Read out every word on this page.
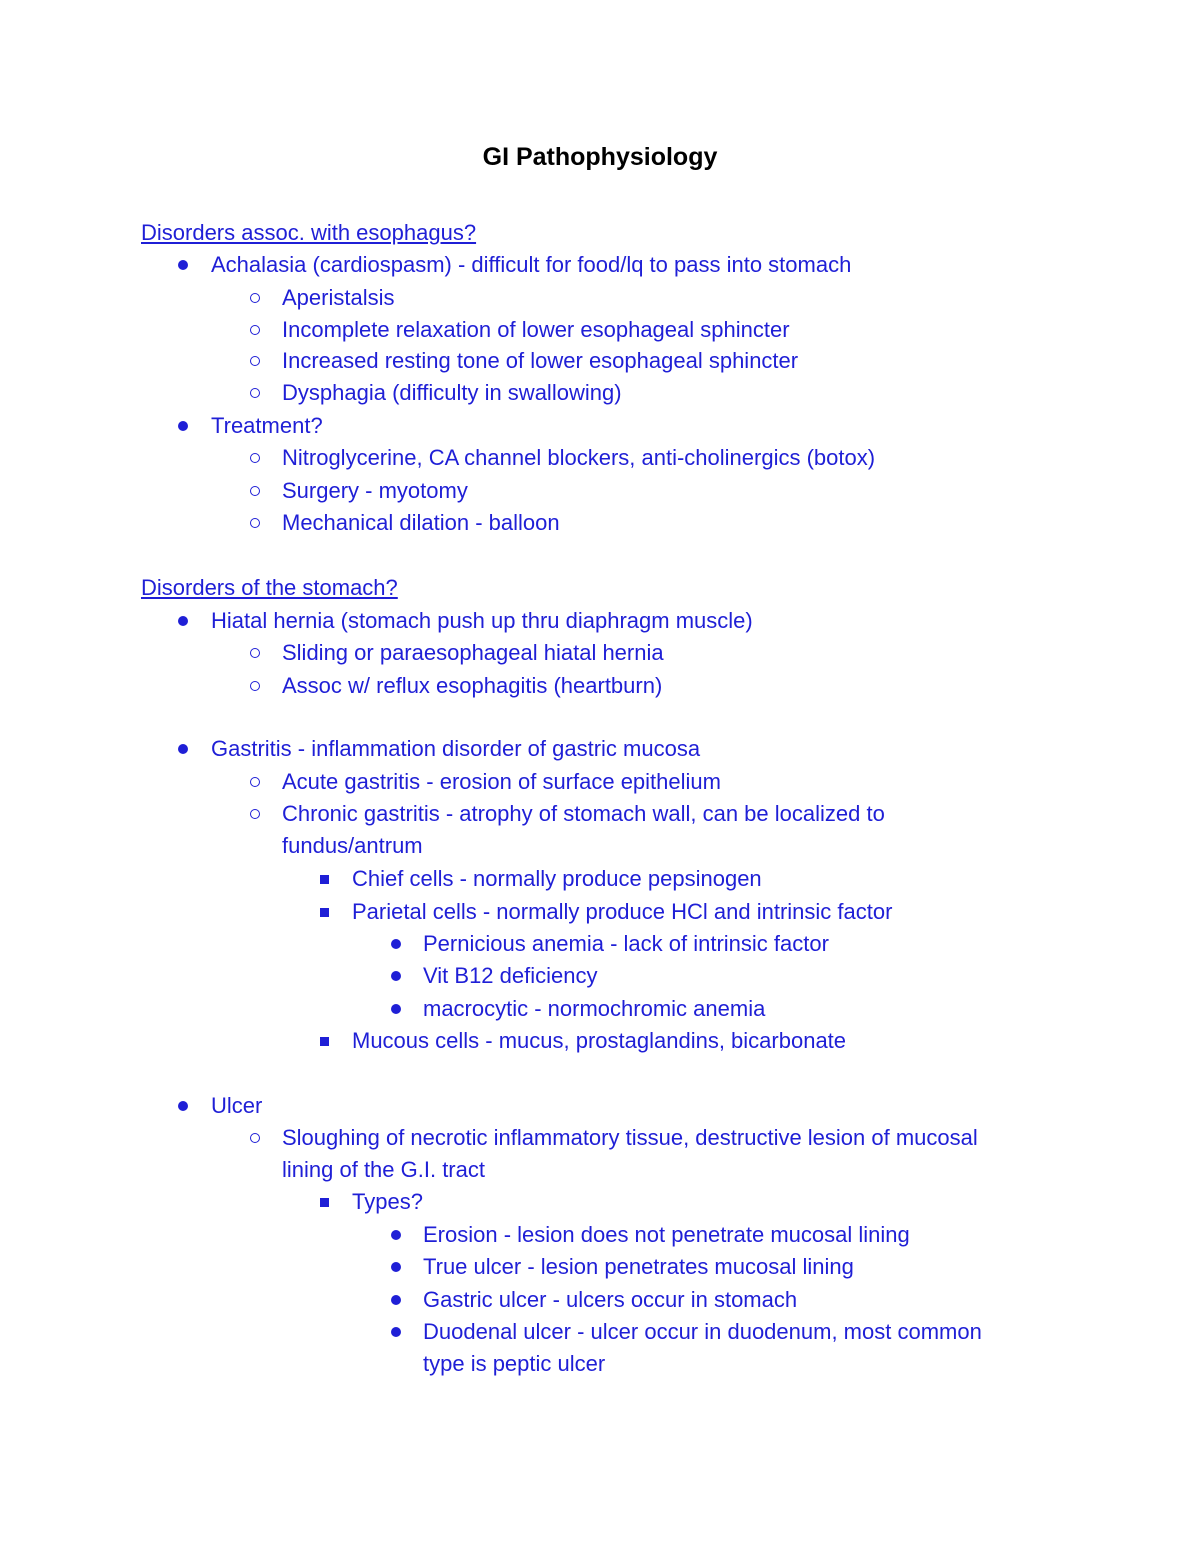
GI Pathophysiology
Disorders assoc. with esophagus?
Achalasia (cardiospasm) - difficult for food/lq to pass into stomach
Aperistalsis
Incomplete relaxation of lower esophageal sphincter
Increased resting tone of lower esophageal sphincter
Dysphagia (difficulty in swallowing)
Treatment?
Nitroglycerine, CA channel blockers, anti-cholinergics (botox)
Surgery - myotomy
Mechanical dilation - balloon
Disorders of the stomach?
Hiatal hernia (stomach push up thru diaphragm muscle)
Sliding or paraesophageal hiatal hernia
Assoc w/ reflux esophagitis (heartburn)
Gastritis - inflammation disorder of gastric mucosa
Acute gastritis - erosion of surface epithelium
Chronic gastritis - atrophy of stomach wall, can be localized to
fundus/antrum
Chief cells - normally produce pepsinogen
Parietal cells - normally produce HCl and intrinsic factor
Pernicious anemia - lack of intrinsic factor
Vit B12 deficiency
macrocytic - normochromic anemia
Mucous cells - mucus, prostaglandins, bicarbonate
Ulcer
Sloughing of necrotic inflammatory tissue, destructive lesion of mucosal
lining of the G.I. tract
Types?
Erosion - lesion does not penetrate mucosal lining
True ulcer - lesion penetrates mucosal lining
Gastric ulcer - ulcers occur in stomach
Duodenal ulcer - ulcer occur in duodenum, most common
type is peptic ulcer
